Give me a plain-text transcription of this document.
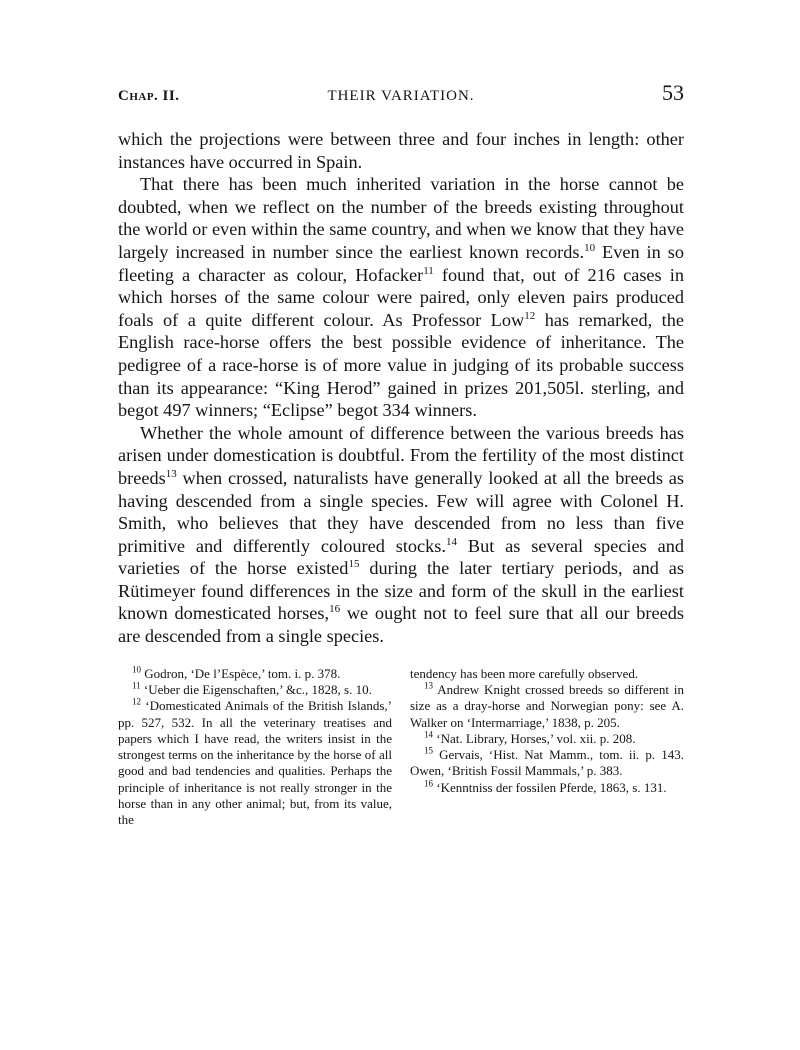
Chap. II.	THEIR VARIATION.	53

which the projections were between three and four inches in length: other instances have occurred in Spain.

That there has been much inherited variation in the horse cannot be doubted, when we reflect on the number of the breeds existing throughout the world or even within the same country, and when we know that they have largely increased in number since the earliest known records.$^{10}$ Even in so fleeting a character as colour, Hofacker$^{11}$ found that, out of 216 cases in which horses of the same colour were paired, only eleven pairs produced foals of a quite different colour. As Professor Low$^{12}$ has remarked, the English race-horse offers the best possible evidence of inheritance. The pedigree of a race-horse is of more value in judging of its probable success than its appearance: “King Herod” gained in prizes 201,505l. sterling, and begot 497 winners; “Eclipse” begot 334 winners.

Whether the whole amount of difference between the various breeds has arisen under domestication is doubtful. From the fertility of the most distinct breeds$^{13}$ when crossed, naturalists have generally looked at all the breeds as having descended from a single species. Few will agree with Colonel H. Smith, who believes that they have descended from no less than five primitive and differently coloured stocks.$^{14}$ But as several species and varieties of the horse existed$^{15}$ during the later tertiary periods, and as Rütimeyer found differences in the size and form of the skull in the earliest known domesticated horses,$^{16}$ we ought not to feel sure that all our breeds are descended from a single species.

$^{10}$ Godron, ‘De l’Espèce,’ tom. i. p. 378.

$^{11}$ ‘Ueber die Eigenschaften,’ &c., 1828, s. 10.

$^{12}$ ‘Domesticated Animals of the British Islands,’ pp. 527, 532. In all the veterinary treatises and papers which I have read, the writers insist in the strongest terms on the inheritance by the horse of all good and bad tendencies and qualities. Perhaps the principle of inheritance is not really stronger in the horse than in any other animal; but, from its value, the

tendency has been more carefully observed.

$^{13}$ Andrew Knight crossed breeds so different in size as a dray-horse and Norwegian pony: see A. Walker on ‘Intermarriage,’ 1838, p. 205.

$^{14}$ ‘Nat. Library, Horses,’ vol. xii. p. 208.

$^{15}$ Gervais, ‘Hist. Nat Mamm., tom. ii. p. 143. Owen, ‘British Fossil Mammals,’ p. 383.

$^{16}$ ‘Kenntniss der fossilen Pferde, 1863, s. 131.
